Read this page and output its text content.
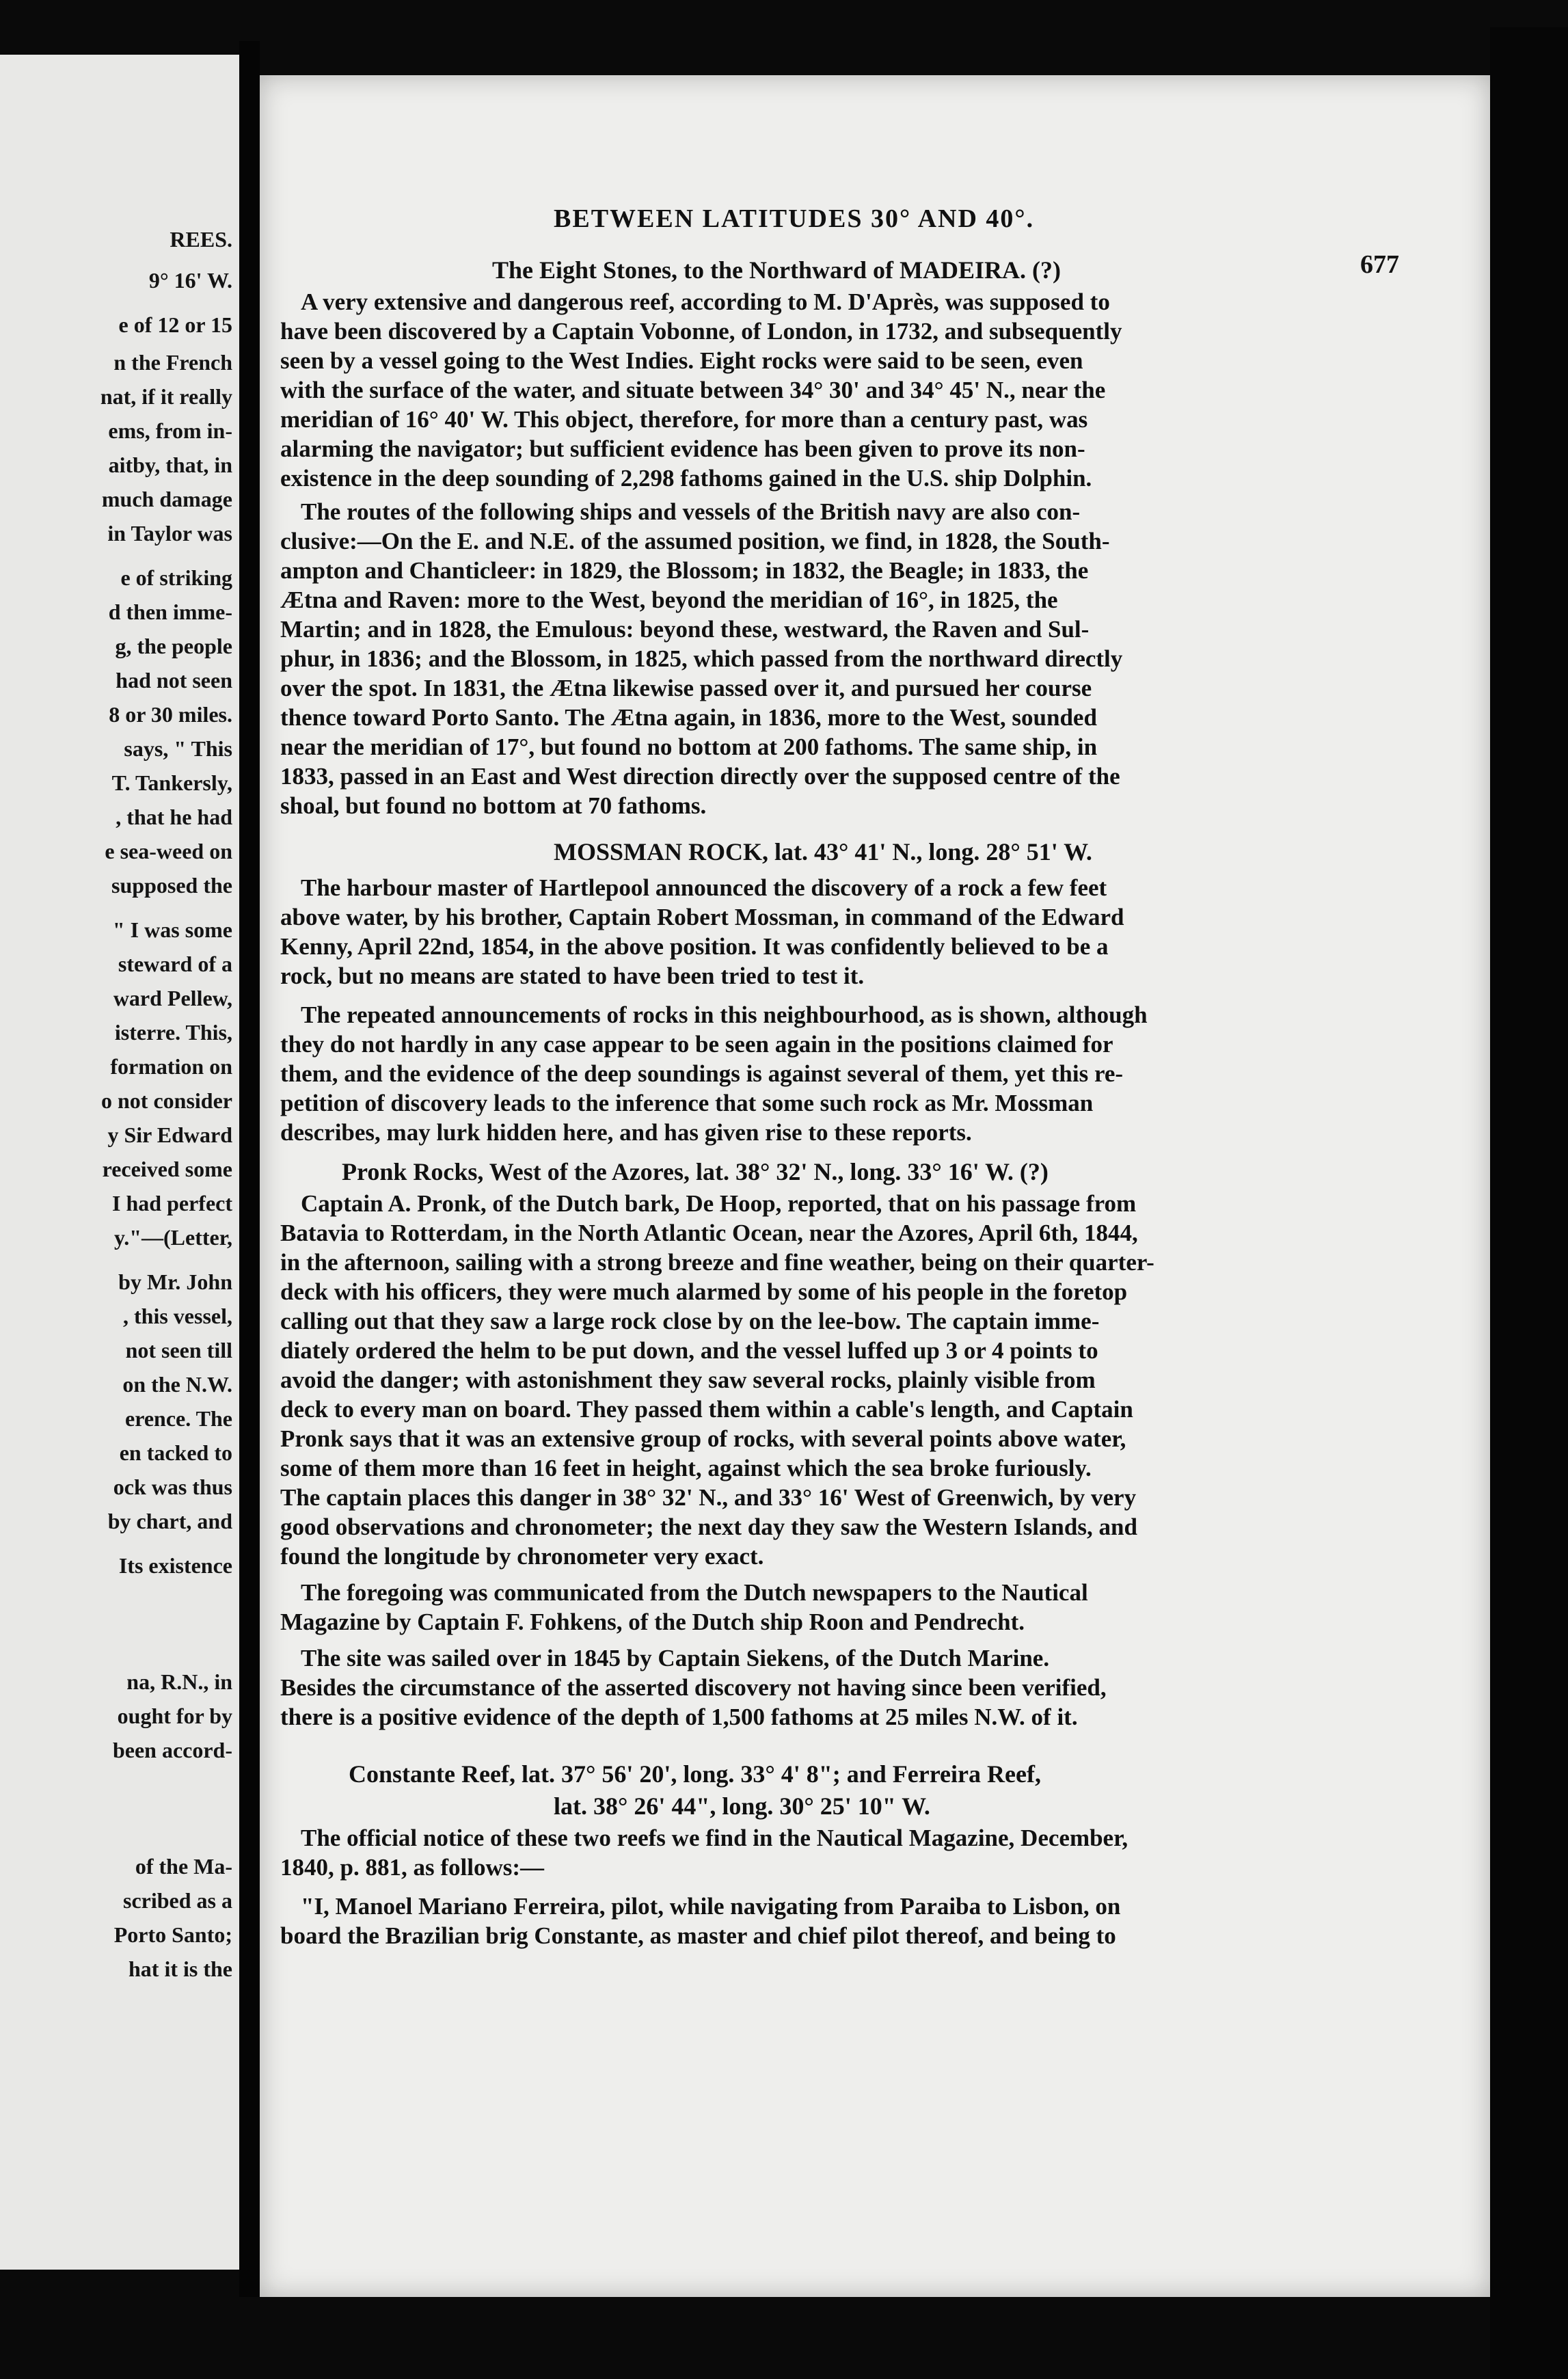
REES.
9° 16' W.
e of 12 or 15
n the French
nat, if it really
ems, from in-
aitby, that, in
much damage
in Taylor was
e of striking
d then imme-
g, the people
had not seen
8 or 30 miles.
says, " This
T. Tankersly,
, that he had
e sea-weed on
supposed the
" I was some
steward of a
ward Pellew,
isterre. This,
formation on
o not consider
y Sir Edward
received some
I had perfect
y."—(Letter,
by Mr. John
, this vessel,
not seen till
on the N.W.
erence. The
en tacked to
ock was thus
by chart, and
Its existence
na, R.N., in
ought for by
been accord-
of the Ma-
scribed as a
Porto Santo;
hat it is the
BETWEEN LATITUDES 30° AND 40°.
677
The Eight Stones, to the Northward of MADEIRA. (?)
A very extensive and dangerous reef, according to M. D'Après, was supposed to
have been discovered by a Captain Vobonne, of London, in 1732, and subsequently
seen by a vessel going to the West Indies. Eight rocks were said to be seen, even
with the surface of the water, and situate between 34° 30' and 34° 45' N., near the
meridian of 16° 40' W. This object, therefore, for more than a century past, was
alarming the navigator; but sufficient evidence has been given to prove its non-
existence in the deep sounding of 2,298 fathoms gained in the U.S. ship Dolphin.
The routes of the following ships and vessels of the British navy are also con-
clusive:—On the E. and N.E. of the assumed position, we find, in 1828, the South-
ampton and Chanticleer: in 1829, the Blossom; in 1832, the Beagle; in 1833, the
Ætna and Raven: more to the West, beyond the meridian of 16°, in 1825, the
Martin; and in 1828, the Emulous: beyond these, westward, the Raven and Sul-
phur, in 1836; and the Blossom, in 1825, which passed from the northward directly
over the spot. In 1831, the Ætna likewise passed over it, and pursued her course
thence toward Porto Santo. The Ætna again, in 1836, more to the West, sounded
near the meridian of 17°, but found no bottom at 200 fathoms. The same ship, in
1833, passed in an East and West direction directly over the supposed centre of the
shoal, but found no bottom at 70 fathoms.
MOSSMAN ROCK, lat. 43° 41' N., long. 28° 51' W.
The harbour master of Hartlepool announced the discovery of a rock a few feet
above water, by his brother, Captain Robert Mossman, in command of the Edward
Kenny, April 22nd, 1854, in the above position. It was confidently believed to be a
rock, but no means are stated to have been tried to test it.
The repeated announcements of rocks in this neighbourhood, as is shown, although
they do not hardly in any case appear to be seen again in the positions claimed for
them, and the evidence of the deep soundings is against several of them, yet this re-
petition of discovery leads to the inference that some such rock as Mr. Mossman
describes, may lurk hidden here, and has given rise to these reports.
Pronk Rocks, West of the Azores, lat. 38° 32' N., long. 33° 16' W. (?)
Captain A. Pronk, of the Dutch bark, De Hoop, reported, that on his passage from
Batavia to Rotterdam, in the North Atlantic Ocean, near the Azores, April 6th, 1844,
in the afternoon, sailing with a strong breeze and fine weather, being on their quarter-
deck with his officers, they were much alarmed by some of his people in the foretop
calling out that they saw a large rock close by on the lee-bow. The captain imme-
diately ordered the helm to be put down, and the vessel luffed up 3 or 4 points to
avoid the danger; with astonishment they saw several rocks, plainly visible from
deck to every man on board. They passed them within a cable's length, and Captain
Pronk says that it was an extensive group of rocks, with several points above water,
some of them more than 16 feet in height, against which the sea broke furiously.
The captain places this danger in 38° 32' N., and 33° 16' West of Greenwich, by very
good observations and chronometer; the next day they saw the Western Islands, and
found the longitude by chronometer very exact.
The foregoing was communicated from the Dutch newspapers to the Nautical
Magazine by Captain F. Fohkens, of the Dutch ship Roon and Pendrecht.
The site was sailed over in 1845 by Captain Siekens, of the Dutch Marine.
Besides the circumstance of the asserted discovery not having since been verified,
there is a positive evidence of the depth of 1,500 fathoms at 25 miles N.W. of it.
Constante Reef, lat. 37° 56' 20', long. 33° 4' 8"; and Ferreira Reef,
lat. 38° 26' 44", long. 30° 25' 10" W.
The official notice of these two reefs we find in the Nautical Magazine, December,
1840, p. 881, as follows:—
"I, Manoel Mariano Ferreira, pilot, while navigating from Paraiba to Lisbon, on
board the Brazilian brig Constante, as master and chief pilot thereof, and being to
